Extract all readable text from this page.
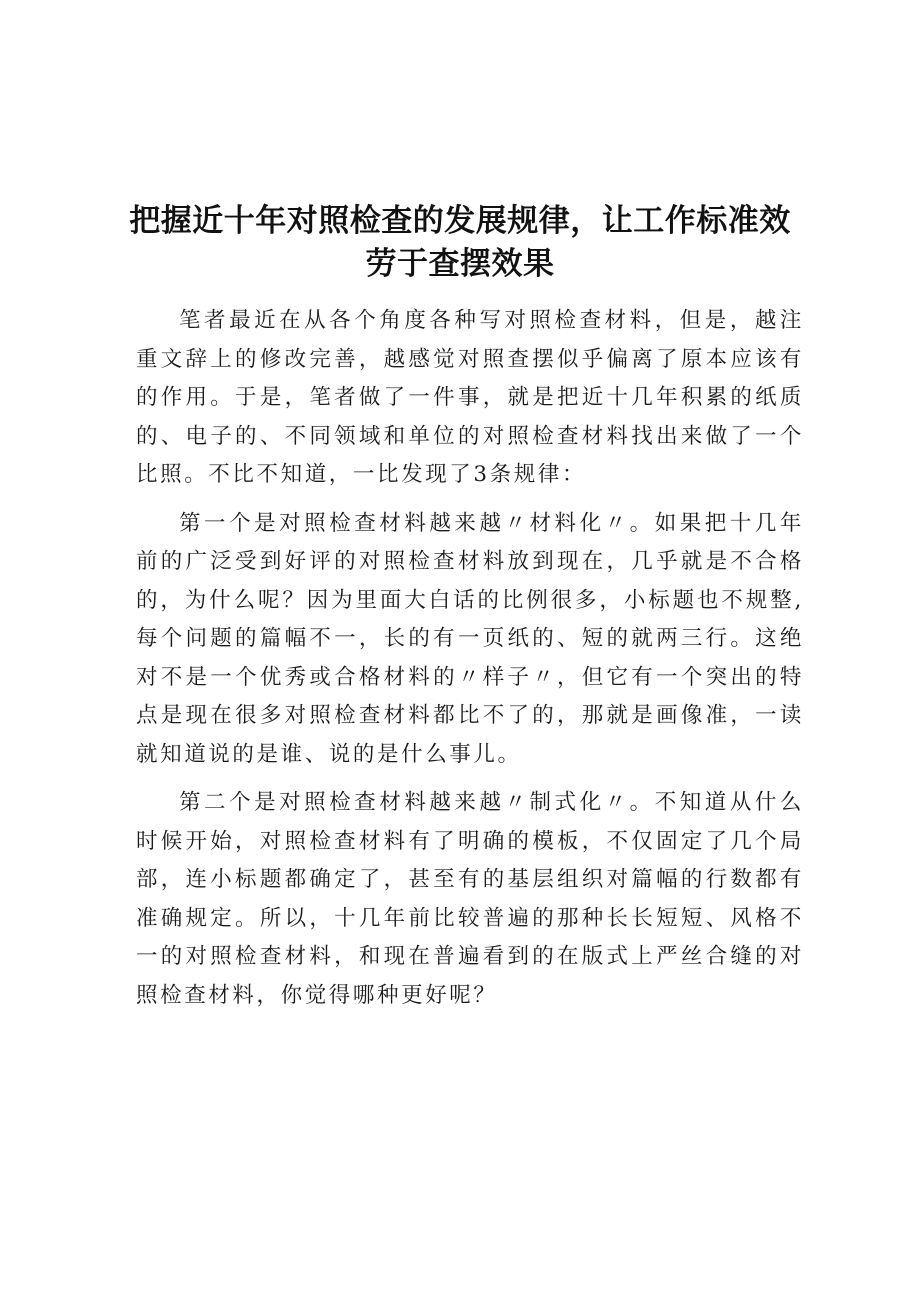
把握近十年对照检查的发展规律，让工作标准效劳于查摆效果

笔者最近在从各个角度各种写对照检查材料，但是，越注重文辞上的修改完善，越感觉对照查摆似乎偏离了原本应该有的作用。于是，笔者做了一件事，就是把近十几年积累的纸质的、电子的、不同领域和单位的对照检查材料找出来做了一个比照。不比不知道，一比发现了3条规律：

第一个是对照检查材料越来越〃材料化〃。如果把十几年前的广泛受到好评的对照检查材料放到现在，几乎就是不合格的，为什么呢？因为里面大白话的比例很多，小标题也不规整,每个问题的篇幅不一，长的有一页纸的、短的就两三行。这绝对不是一个优秀或合格材料的〃样子〃，但它有一个突出的特点是现在很多对照检查材料都比不了的，那就是画像准，一读就知道说的是谁、说的是什么事儿。

第二个是对照检查材料越来越〃制式化〃。不知道从什么时候开始，对照检查材料有了明确的模板，不仅固定了几个局部，连小标题都确定了，甚至有的基层组织对篇幅的行数都有准确规定。所以，十几年前比较普遍的那种长长短短、风格不一的对照检查材料，和现在普遍看到的在版式上严丝合缝的对照检查材料，你觉得哪种更好呢？
